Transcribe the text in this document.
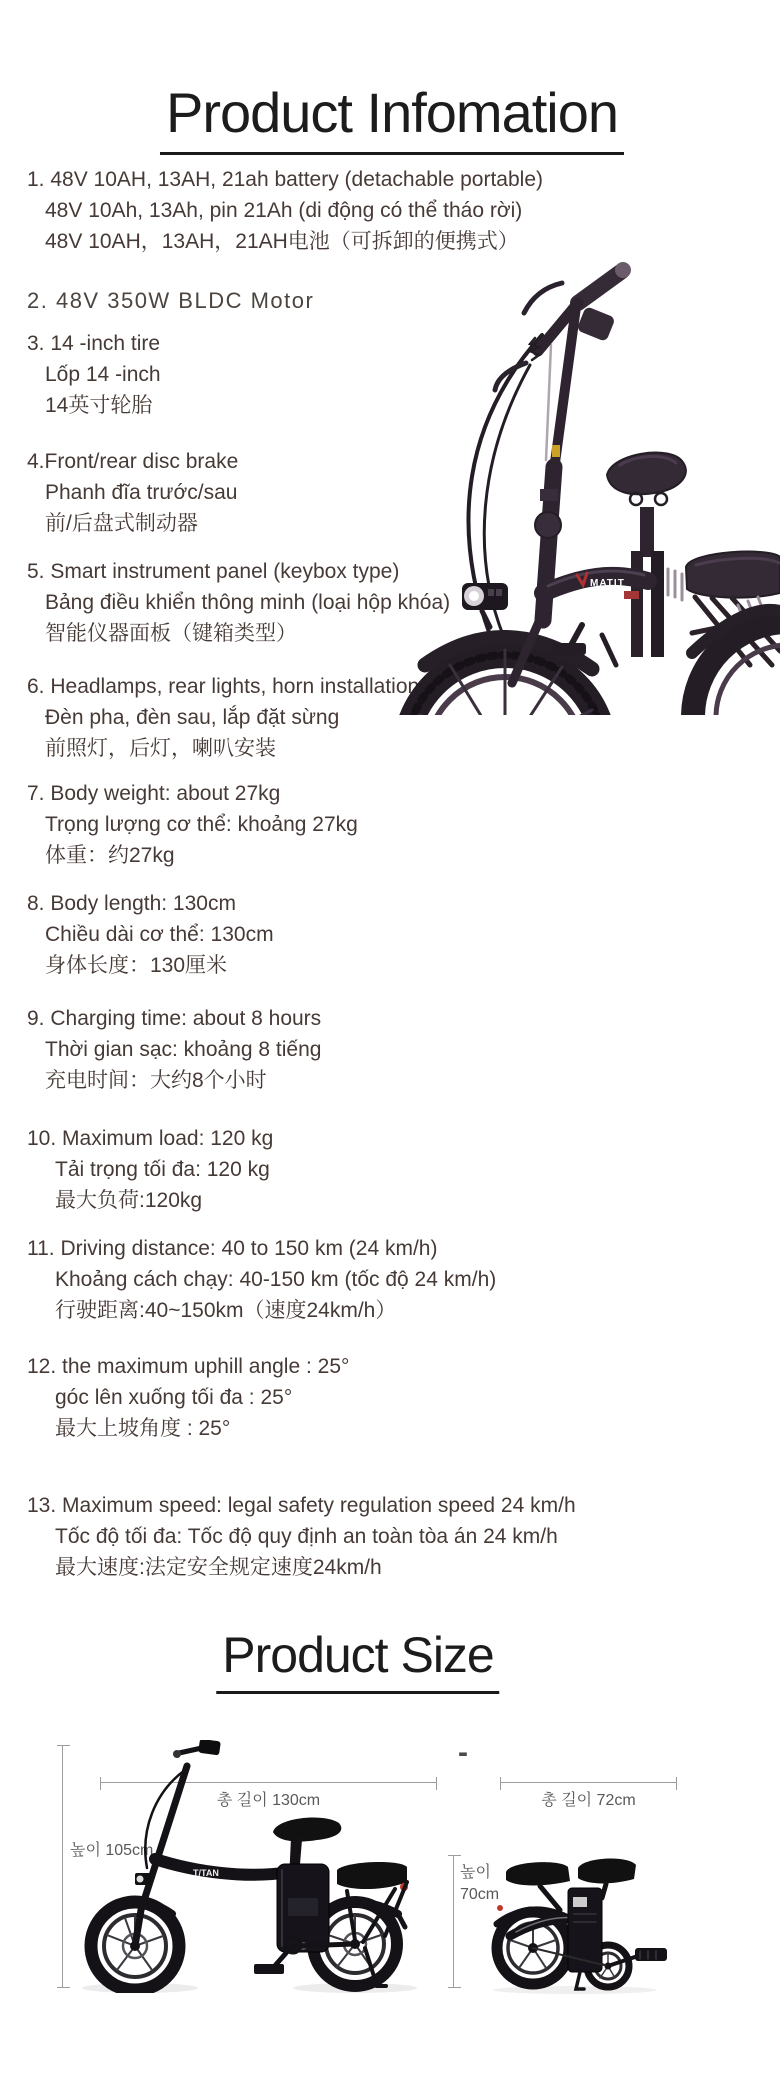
Product Infomation
1. 48V 10AH, 13AH, 21ah battery (detachable portable)
48V 10Ah, 13Ah, pin 21Ah (di động có thể tháo rời)
48V 10AH，13AH，21AH电池（可拆卸的便携式）
2. 48V 350W BLDC Motor
3. 14 -inch tire
Lốp 14 -inch
14英寸轮胎
4.Front/rear disc brake
Phanh đĩa trước/sau
前/后盘式制动器
5. Smart instrument panel (keybox type)
Bảng điều khiển thông minh (loại hộp khóa)
智能仪器面板（键箱类型）
6. Headlamps, rear lights, horn installation
Đèn pha, đèn sau, lắp đặt sừng
前照灯，后灯，喇叭安装
7. Body weight: about 27kg
Trọng lượng cơ thể: khoảng 27kg
体重：约27kg
8. Body length: 130cm
Chiều dài cơ thể: 130cm
身体长度：130厘米
9. Charging time: about 8 hours
Thời gian sạc: khoảng 8 tiếng
充电时间：大约8个小时
10. Maximum load: 120 kg
Tải trọng tối đa: 120 kg
最大负荷:120kg
11. Driving distance: 40 to 150 km (24 km/h)
Khoảng cách chạy: 40-150 km (tốc độ 24 km/h)
行驶距离:40~150km（速度24km/h）
12. the maximum uphill angle : 25°
góc lên xuống tối đa : 25°
最大上坡角度 : 25°
13. Maximum speed: legal safety regulation speed 24 km/h
Tốc độ tối đa: Tốc độ quy định an toàn tòa án 24 km/h
最大速度:法定安全规定速度24km/h
MATIT
Product Size
-
총 길이 130cm
높이 105cm
T/TAN
총 길이 72cm
높이
70cm
